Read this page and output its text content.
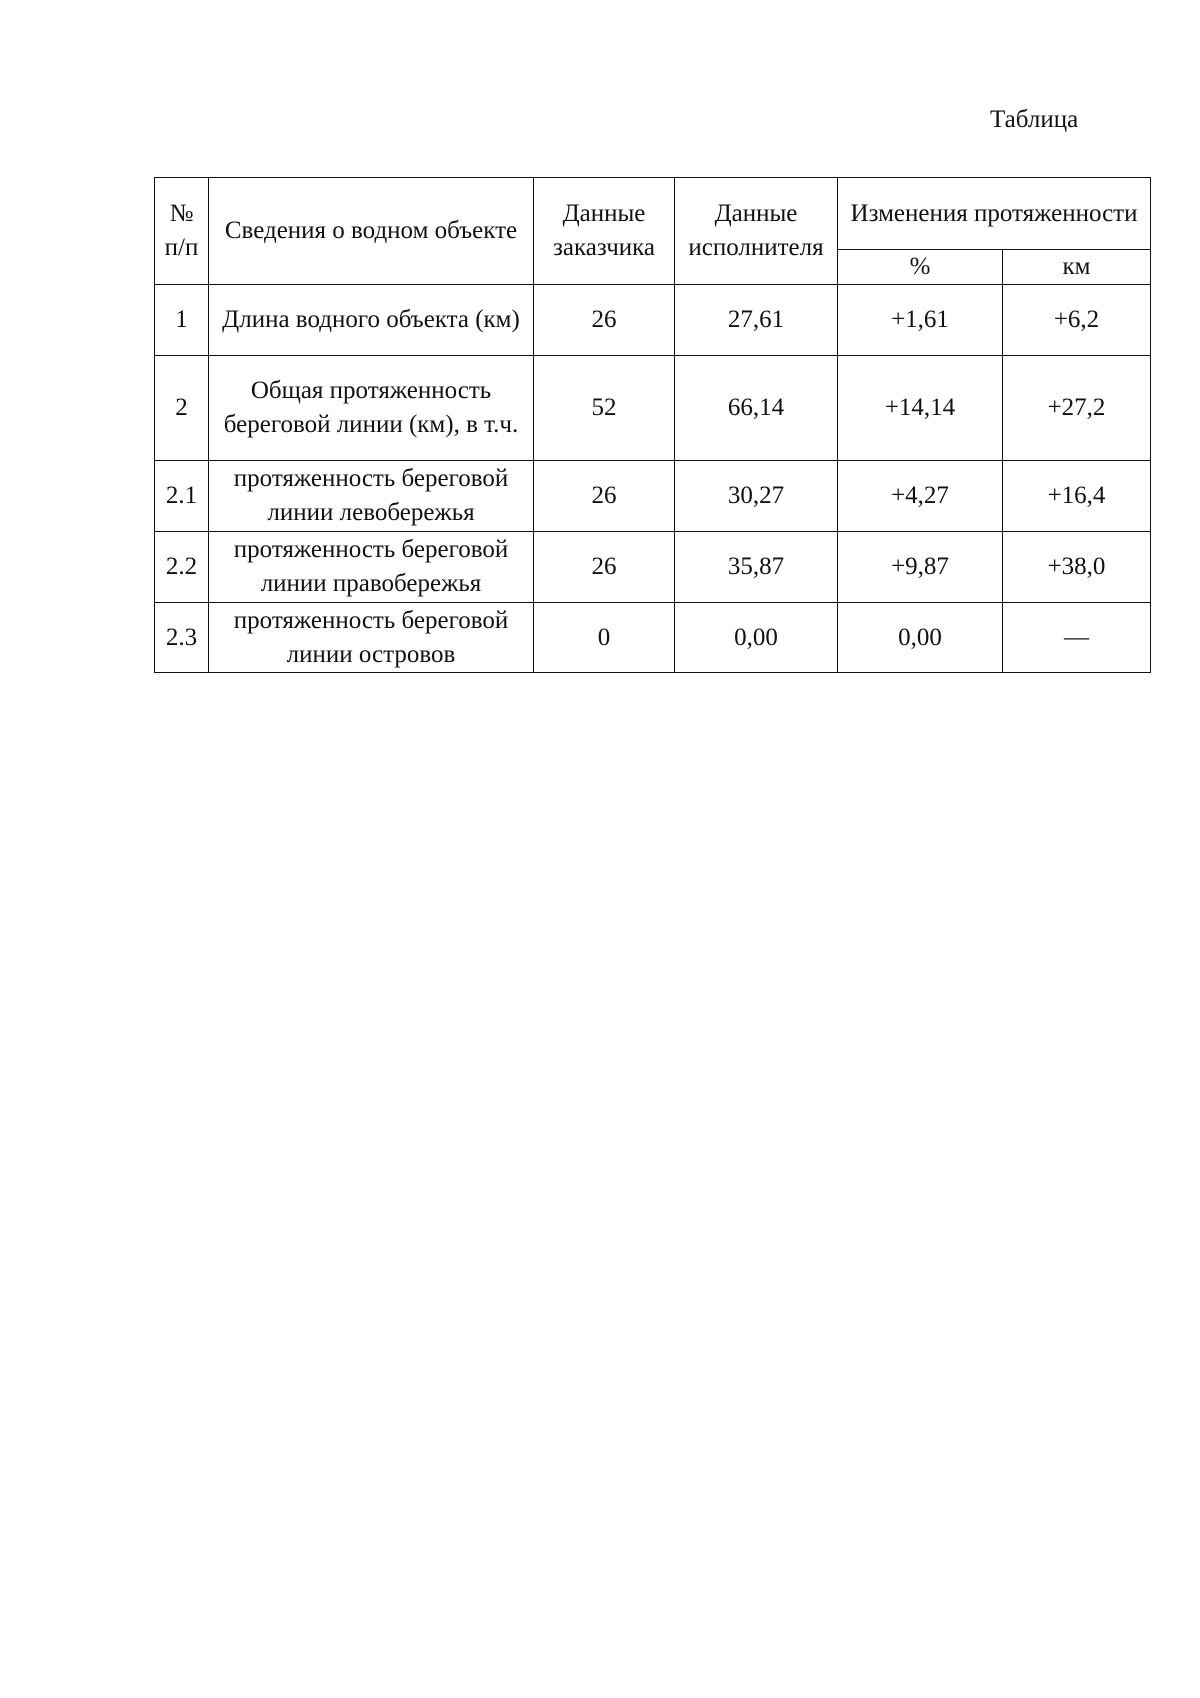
Таблица
№ п/п	Сведения о водном объекте	Данные заказчика	Данные исполнителя	Изменения протяженности	
				%	км
1	Длина водного объекта (км)	26	27,61	+1,61	+6,2
2	Общая протяженность береговой линии (км), в т.ч.	52	66,14	+14,14	+27,2
2.1	протяженность береговой линии левобережья	26	30,27	+4,27	+16,4
2.2	протяженность береговой линии правобережья	26	35,87	+9,87	+38,0
2.3	протяженность береговой линии островов	0	0,00	0,00	—
